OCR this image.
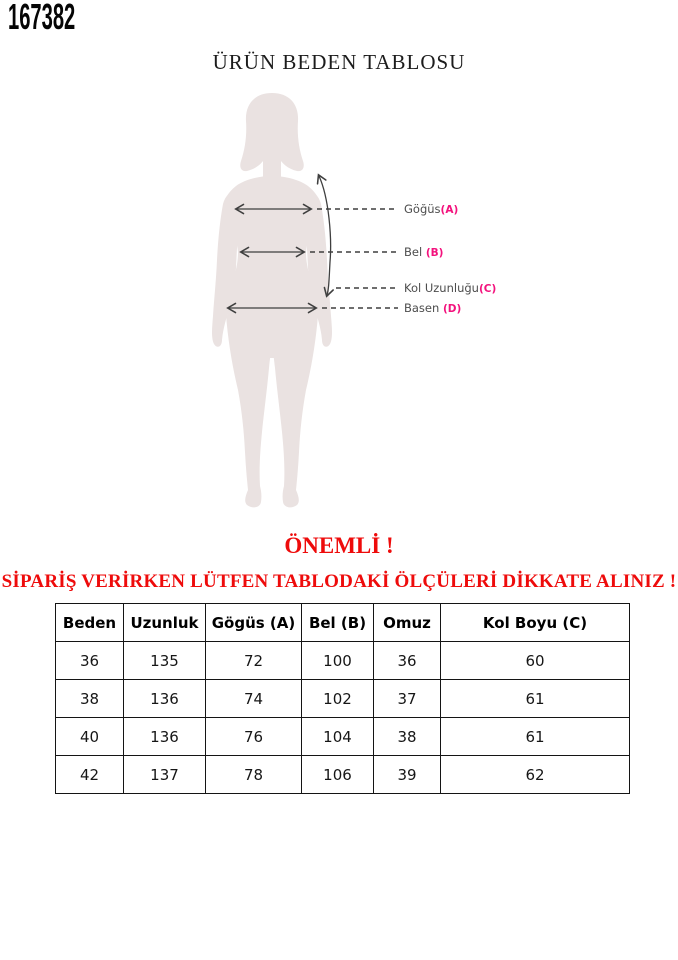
167382
ÜRÜN BEDEN TABLOSU
Göğüs(A)
Bel (B)
Kol Uzunluğu(C)
Basen (D)
ÖNEMLİ !
SİPARİŞ VERİRKEN LÜTFEN TABLODAKİ ÖLÇÜLERİ DİKKATE ALINIZ !
Beden	Uzunluk	Gögüs (A)	Bel (B)	Omuz	Kol Boyu (C)
36	135	72	100	36	60
38	136	74	102	37	61
40	136	76	104	38	61
42	137	78	106	39	62
